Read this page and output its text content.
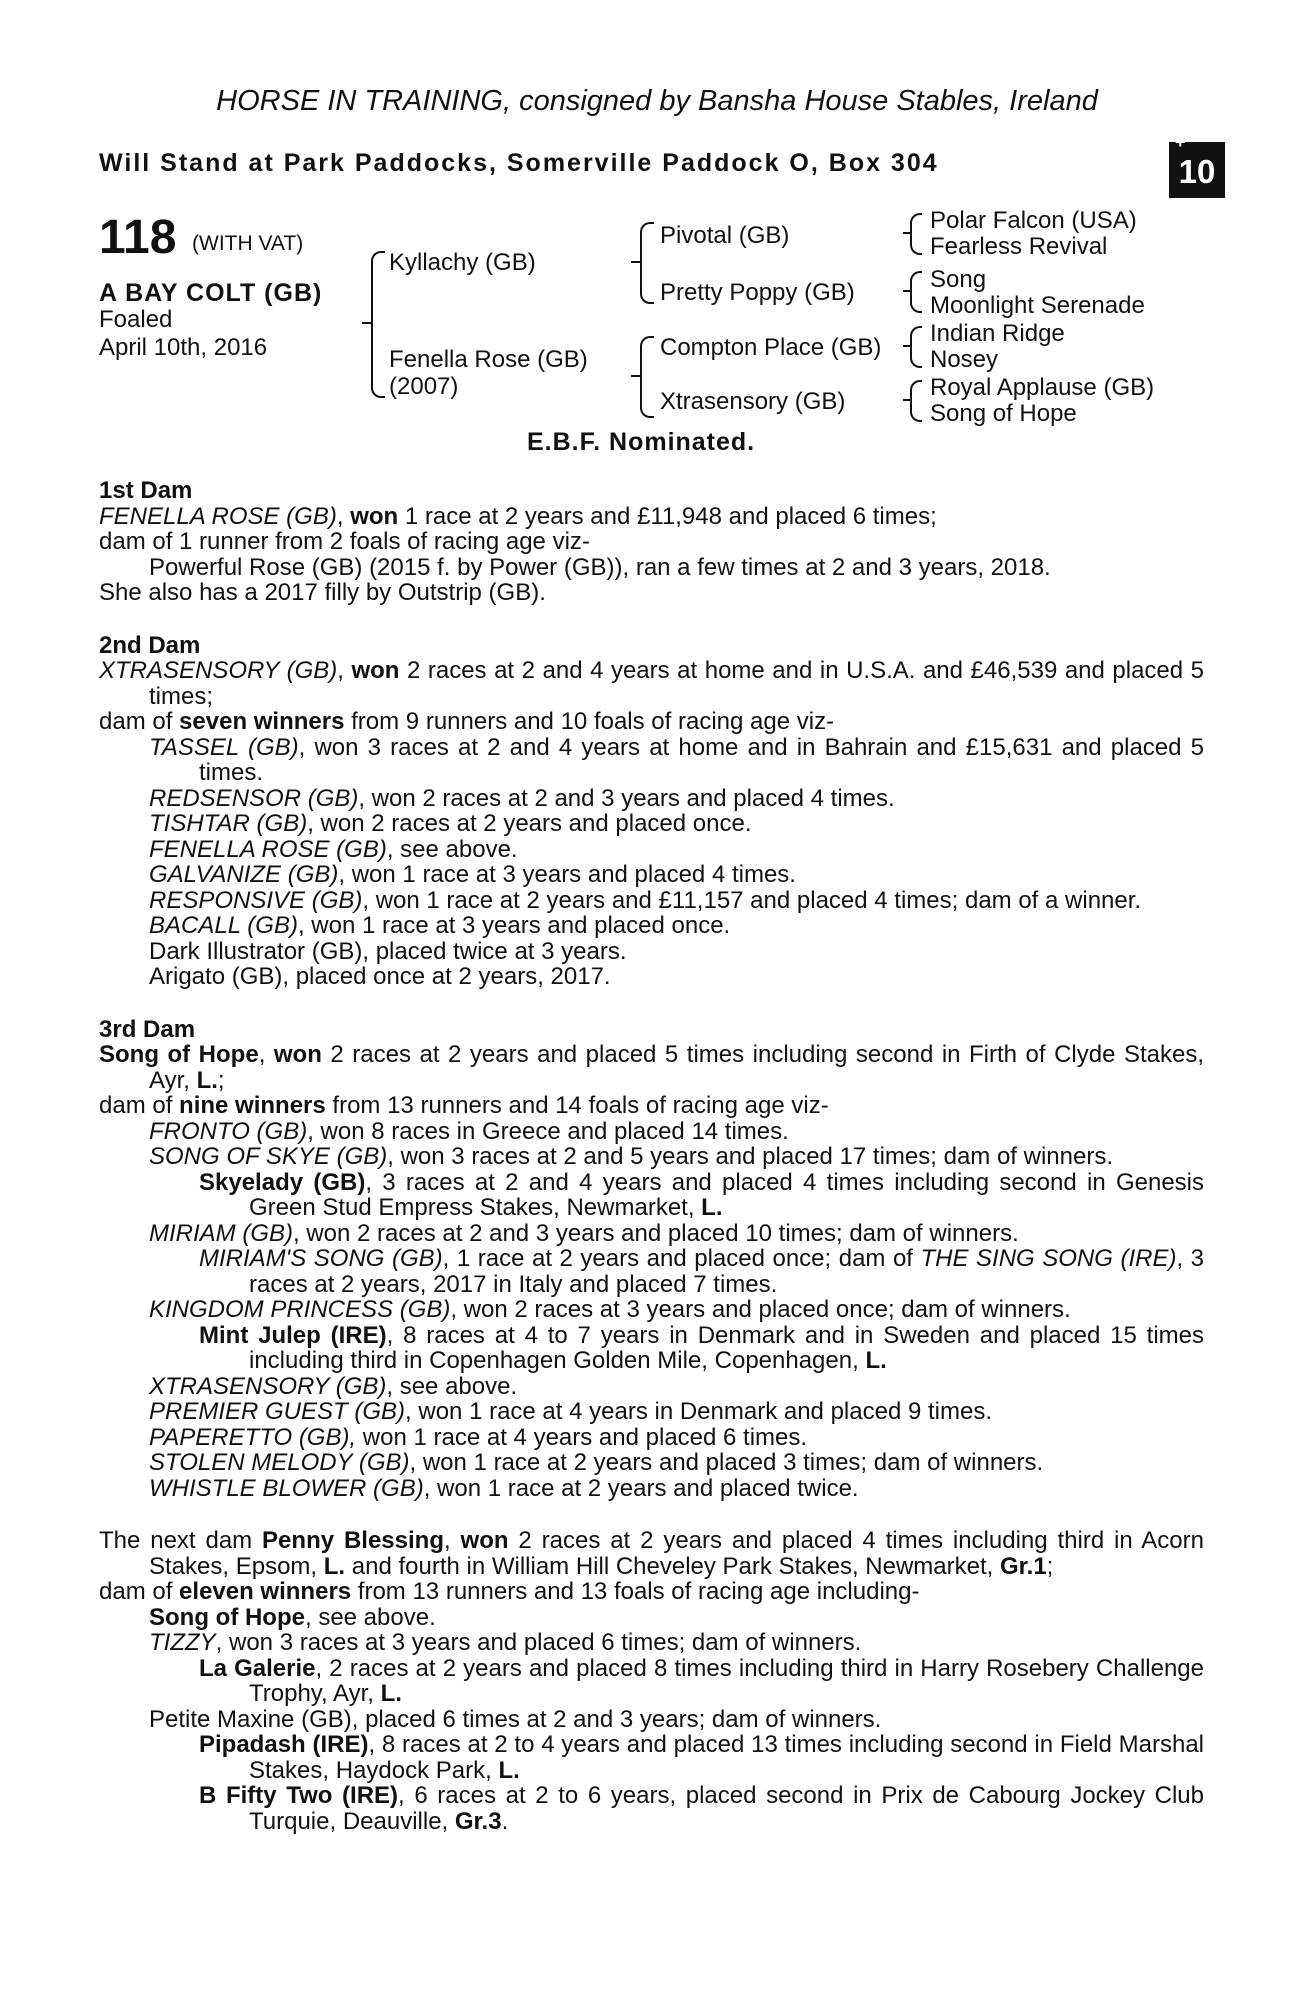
HORSE IN TRAINING, consigned by Bansha House Stables, Ireland
Will Stand at Park Paddocks, Somerville Paddock O, Box 304
+
10
118 (WITH VAT)
A BAY COLT (GB)
Foaled
April 10th, 2016
Kyllachy (GB)
Fenella Rose (GB)
(2007)
Pivotal (GB)
Pretty Poppy (GB)
Compton Place (GB)
Xtrasensory (GB)
Polar Falcon (USA)
Fearless Revival
Song
Moonlight Serenade
Indian Ridge
Nosey
Royal Applause (GB)
Song of Hope
E.B.F. Nominated.
1st Dam
FENELLA ROSE (GB), won 1 race at 2 years and £11,948 and placed 6 times;
dam of 1 runner from 2 foals of racing age viz-
Powerful Rose (GB) (2015 f. by Power (GB)), ran a few times at 2 and 3 years, 2018.
She also has a 2017 filly by Outstrip (GB).
2nd Dam
XTRASENSORY (GB), won 2 races at 2 and 4 years at home and in U.S.A. and £46,539 and placed 5 times;
dam of seven winners from 9 runners and 10 foals of racing age viz-
TASSEL (GB), won 3 races at 2 and 4 years at home and in Bahrain and £15,631 and placed 5 times.
REDSENSOR (GB), won 2 races at 2 and 3 years and placed 4 times.
TISHTAR (GB), won 2 races at 2 years and placed once.
FENELLA ROSE (GB), see above.
GALVANIZE (GB), won 1 race at 3 years and placed 4 times.
RESPONSIVE (GB), won 1 race at 2 years and £11,157 and placed 4 times; dam of a winner.
BACALL (GB), won 1 race at 3 years and placed once.
Dark Illustrator (GB), placed twice at 3 years.
Arigato (GB), placed once at 2 years, 2017.
3rd Dam
Song of Hope, won 2 races at 2 years and placed 5 times including second in Firth of Clyde Stakes, Ayr, L.;
dam of nine winners from 13 runners and 14 foals of racing age viz-
FRONTO (GB), won 8 races in Greece and placed 14 times.
SONG OF SKYE (GB), won 3 races at 2 and 5 years and placed 17 times; dam of winners.
Skyelady (GB), 3 races at 2 and 4 years and placed 4 times including second in Genesis Green Stud Empress Stakes, Newmarket, L.
MIRIAM (GB), won 2 races at 2 and 3 years and placed 10 times; dam of winners.
MIRIAM'S SONG (GB), 1 race at 2 years and placed once; dam of THE SING SONG (IRE), 3 races at 2 years, 2017 in Italy and placed 7 times.
KINGDOM PRINCESS (GB), won 2 races at 3 years and placed once; dam of winners.
Mint Julep (IRE), 8 races at 4 to 7 years in Denmark and in Sweden and placed 15 times including third in Copenhagen Golden Mile, Copenhagen, L.
XTRASENSORY (GB), see above.
PREMIER GUEST (GB), won 1 race at 4 years in Denmark and placed 9 times.
PAPERETTO (GB), won 1 race at 4 years and placed 6 times.
STOLEN MELODY (GB), won 1 race at 2 years and placed 3 times; dam of winners.
WHISTLE BLOWER (GB), won 1 race at 2 years and placed twice.
The next dam Penny Blessing, won 2 races at 2 years and placed 4 times including third in Acorn Stakes, Epsom, L. and fourth in William Hill Cheveley Park Stakes, Newmarket, Gr.1;
dam of eleven winners from 13 runners and 13 foals of racing age including-
Song of Hope, see above.
TIZZY, won 3 races at 3 years and placed 6 times; dam of winners.
La Galerie, 2 races at 2 years and placed 8 times including third in Harry Rosebery Challenge Trophy, Ayr, L.
Petite Maxine (GB), placed 6 times at 2 and 3 years; dam of winners.
Pipadash (IRE), 8 races at 2 to 4 years and placed 13 times including second in Field Marshal Stakes, Haydock Park, L.
B Fifty Two (IRE), 6 races at 2 to 6 years, placed second in Prix de Cabourg Jockey Club Turquie, Deauville, Gr.3.
